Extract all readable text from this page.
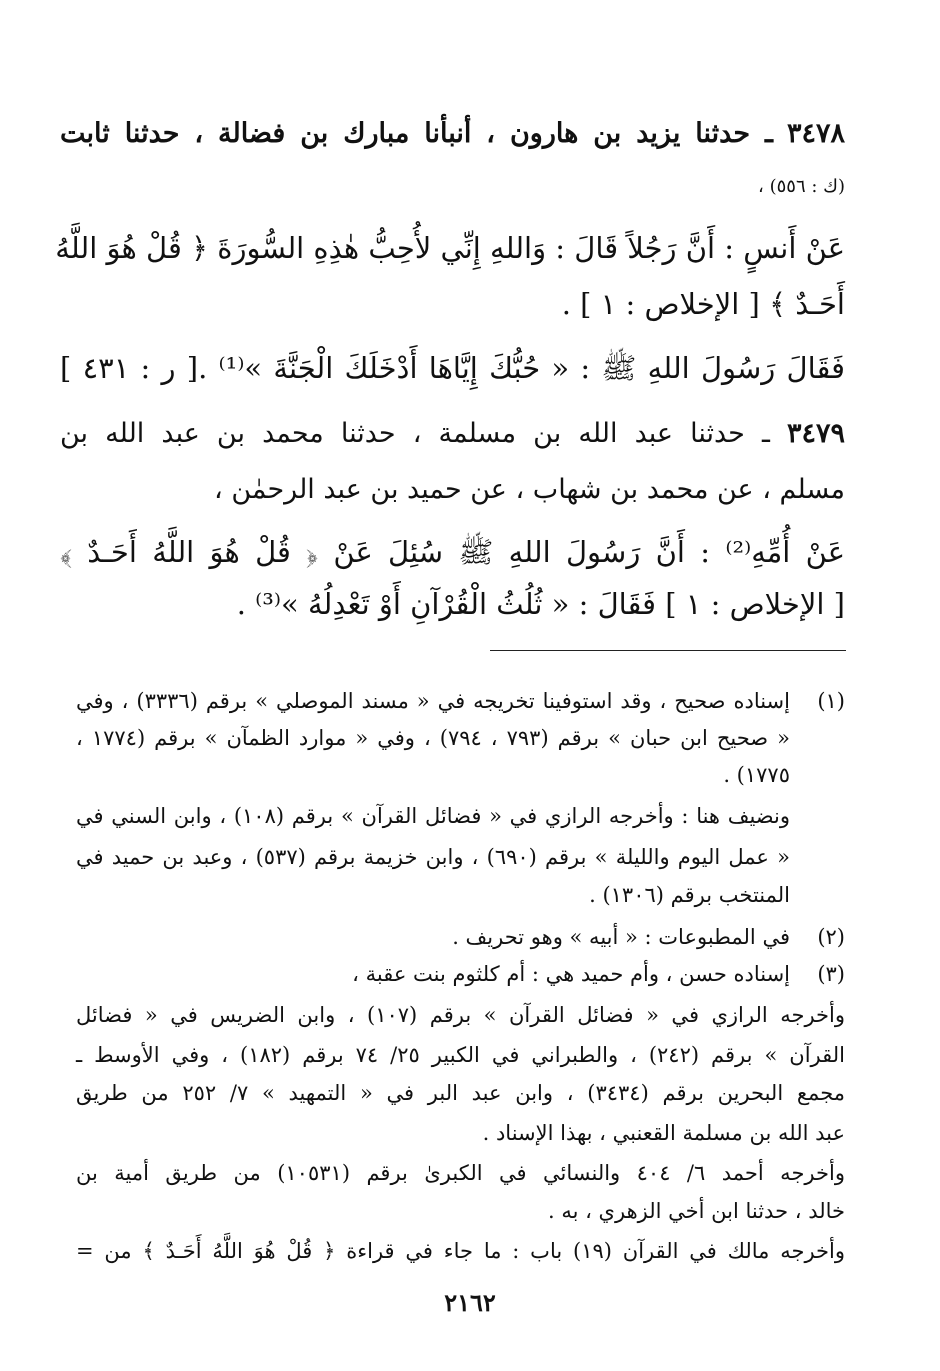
٣٤٧٨ ـ حدثنا يزيد بن هارون ، أنبأنا مبارك بن فضالة ، حدثنا ثابت
(ك : ٥٥٦) ،
عَنْ أَنسٍ : أَنَّ رَجُلاً قَالَ : وَاللهِ إِنِّي لأُحِبُّ هٰذِهِ السُّورَةَ ﴿ قُلْ هُوَ اللَّهُ
أَحَـدٌ ﴾ [ الإخلاص : ١ ] .
فَقَالَ رَسُولَ اللهِ ﷺ : « حُبُّكَ إِيَّاهَا أَدْخَلَكَ الْجَنَّةَ »⁽¹⁾ .[ ر : ٤٣١ ]
٣٤٧٩ ـ حدثنا عبد الله بن مسلمة ، حدثنا محمد بن عبد الله بن
مسلم ، عن محمد بن شهاب ، عن حميد بن عبد الرحمٰن ،
عَنْ أُمِّهِ⁽²⁾ : أَنَّ رَسُولَ اللهِ ﷺ سُئِلَ عَنْ ﴿ قُلْ هُوَ اللَّهُ أَحَـدٌ ﴾
[ الإخلاص : ١ ] فَقَالَ : « ثُلُثُ الْقُرْآنِ أَوْ تَعْدِلُهُ »⁽³⁾ .
(١)
إسناده صحيح ، وقد استوفينا تخريجه في « مسند الموصلي » برقم (٣٣٣٦) ، وفي
« صحيح ابن حبان » برقم (٧٩٣ ، ٧٩٤) ، وفي « موارد الظمآن » برقم (١٧٧٤ ،
١٧٧٥) .
ونضيف هنا : وأخرجه الرازي في « فضائل القرآن » برقم (١٠٨) ، وابن السني في
« عمل اليوم والليلة » برقم (٦٩٠) ، وابن خزيمة برقم (٥٣٧) ، وعبد بن حميد في
المنتخب برقم (١٣٠٦) .
(٢)
في المطبوعات : « أبيه » وهو تحريف .
(٣)
إسناده حسن ، وأم حميد هي : أم كلثوم بنت عقبة ،
وأخرجه الرازي في « فضائل القرآن » برقم (١٠٧) ، وابن الضريس في « فضائل
القرآن » برقم (٢٤٢) ، والطبراني في الكبير ٢٥/ ٧٤ برقم (١٨٢) ، وفي الأوسط ـ
مجمع البحرين برقم (٣٤٣٤) ، وابن عبد البر في « التمهيد » ٧/ ٢٥٢ من طريق
عبد الله بن مسلمة القعنبي ، بهذا الإسناد .
وأخرجه أحمد ٦/ ٤٠٤ والنسائي في الكبرىٰ برقم (١٠٥٣١) من طريق أمية بن
خالد ، حدثنا ابن أخي الزهري ، به .
وأخرجه مالك في القرآن (١٩) باب : ما جاء في قراءة ﴿ قُلْ هُوَ اللَّهُ أَحَـدٌ ﴾ من =
٢١٦٢
